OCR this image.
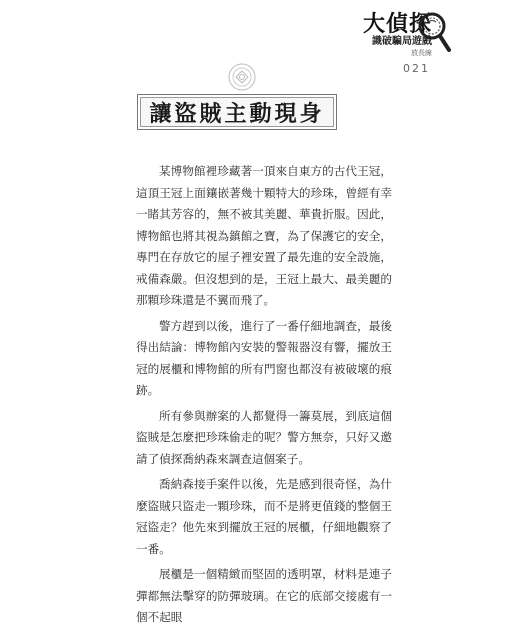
大偵探
識破騙局遊戲
放長線
021
讓盜賊主動現身

某博物館裡珍藏著一頂來自東方的古代王冠，這頂王冠上面鑲嵌著幾十顆特大的珍珠，曾經有幸一睹其芳容的，無不被其美麗、華貴折服。因此，博物館也將其視為鎮館之寶，為了保護它的安全，專門在存放它的屋子裡安置了最先進的安全設施，戒備森嚴。但沒想到的是，王冠上最大、最美麗的那顆珍珠還是不翼而飛了。

警方趕到以後，進行了一番仔細地調查，最後得出結論：博物館內安裝的警報器沒有響，擺放王冠的展櫃和博物館的所有門窗也都沒有被破壞的痕跡。

所有參與辦案的人都覺得一籌莫展，到底這個盜賊是怎麼把珍珠偷走的呢？警方無奈，只好又邀請了偵探喬納森來調查這個案子。

喬納森接手案件以後，先是感到很奇怪，為什麼盜賊只盜走一顆珍珠，而不是將更值錢的整個王冠盜走？他先來到擺放王冠的展櫃，仔細地觀察了一番。

展櫃是一個精緻而堅固的透明罩，材料是連子彈都無法擊穿的防彈玻璃。在它的底部交接處有一個不起眼
